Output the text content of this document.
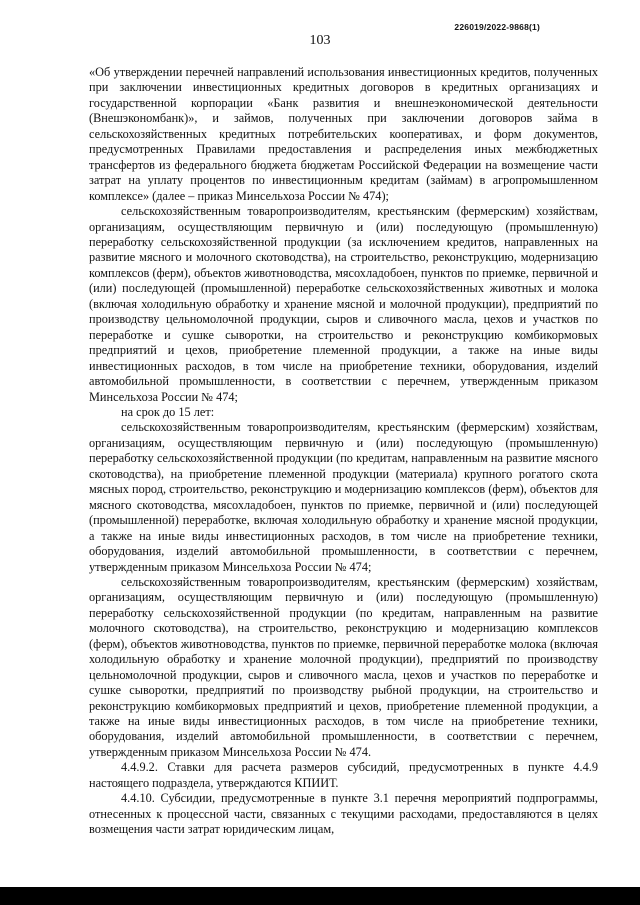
226019/2022-9868(1)
103

«Об утверждении перечней направлений использования инвестиционных кредитов, полученных при заключении инвестиционных кредитных договоров в кредитных организациях и государственной корпорации «Банк развития и внешнеэкономической деятельности (Внешэкономбанк)», и займов, полученных при заключении договоров займа в сельскохозяйственных кредитных потребительских кооперативах, и форм документов, предусмотренных Правилами предоставления и распределения иных межбюджетных трансфертов из федерального бюджета бюджетам Российской Федерации на возмещение части затрат на уплату процентов по инвестиционным кредитам (займам) в агропромышленном комплексе» (далее – приказ Минсельхоза России № 474);

сельскохозяйственным товаропроизводителям, крестьянским (фермерским) хозяйствам, организациям, осуществляющим первичную и (или) последующую (промышленную) переработку сельскохозяйственной продукции (за исключением кредитов, направленных на развитие мясного и молочного скотоводства), на строительство, реконструкцию, модернизацию комплексов (ферм), объектов животноводства, мясохладобоен, пунктов по приемке, первичной и (или) последующей (промышленной) переработке сельскохозяйственных животных и молока (включая холодильную обработку и хранение мясной и молочной продукции), предприятий по производству цельномолочной продукции, сыров и сливочного масла, цехов и участков по переработке и сушке сыворотки, на строительство и реконструкцию комбикормовых предприятий и цехов, приобретение племенной продукции, а также на иные виды инвестиционных расходов, в том числе на приобретение техники, оборудования, изделий автомобильной промышленности, в соответствии с перечнем, утвержденным приказом Минсельхоза России № 474;

на срок до 15 лет:

сельскохозяйственным товаропроизводителям, крестьянским (фермерским) хозяйствам, организациям, осуществляющим первичную и (или) последующую (промышленную) переработку сельскохозяйственной продукции (по кредитам, направленным на развитие мясного скотоводства), на приобретение племенной продукции (материала) крупного рогатого скота мясных пород, строительство, реконструкцию и модернизацию комплексов (ферм), объектов для мясного скотоводства, мясохладобоен, пунктов по приемке, первичной и (или) последующей (промышленной) переработке, включая холодильную обработку и хранение мясной продукции, а также на иные виды инвестиционных расходов, в том числе на приобретение техники, оборудования, изделий автомобильной промышленности, в соответствии с перечнем, утвержденным приказом Минсельхоза России № 474;

сельскохозяйственным товаропроизводителям, крестьянским (фермерским) хозяйствам, организациям, осуществляющим первичную и (или) последующую (промышленную) переработку сельскохозяйственной продукции (по кредитам, направленным на развитие молочного скотоводства), на строительство, реконструкцию и модернизацию комплексов (ферм), объектов животноводства, пунктов по приемке, первичной переработке молока (включая холодильную обработку и хранение молочной продукции), предприятий по производству цельномолочной продукции, сыров и сливочного масла, цехов и участков по переработке и сушке сыворотки, предприятий по производству рыбной продукции, на строительство и реконструкцию комбикормовых предприятий и цехов, приобретение племенной продукции, а также на иные виды инвестиционных расходов, в том числе на приобретение техники, оборудования, изделий автомобильной промышленности, в соответствии с перечнем, утвержденным приказом Минсельхоза России № 474.

4.4.9.2. Ставки для расчета размеров субсидий, предусмотренных в пункте 4.4.9 настоящего подраздела, утверждаются КПИИТ.

4.4.10. Субсидии, предусмотренные в пункте 3.1 перечня мероприятий подпрограммы, отнесенных к процессной части, связанных с текущими расходами, предоставляются в целях возмещения части затрат юридическим лицам,
